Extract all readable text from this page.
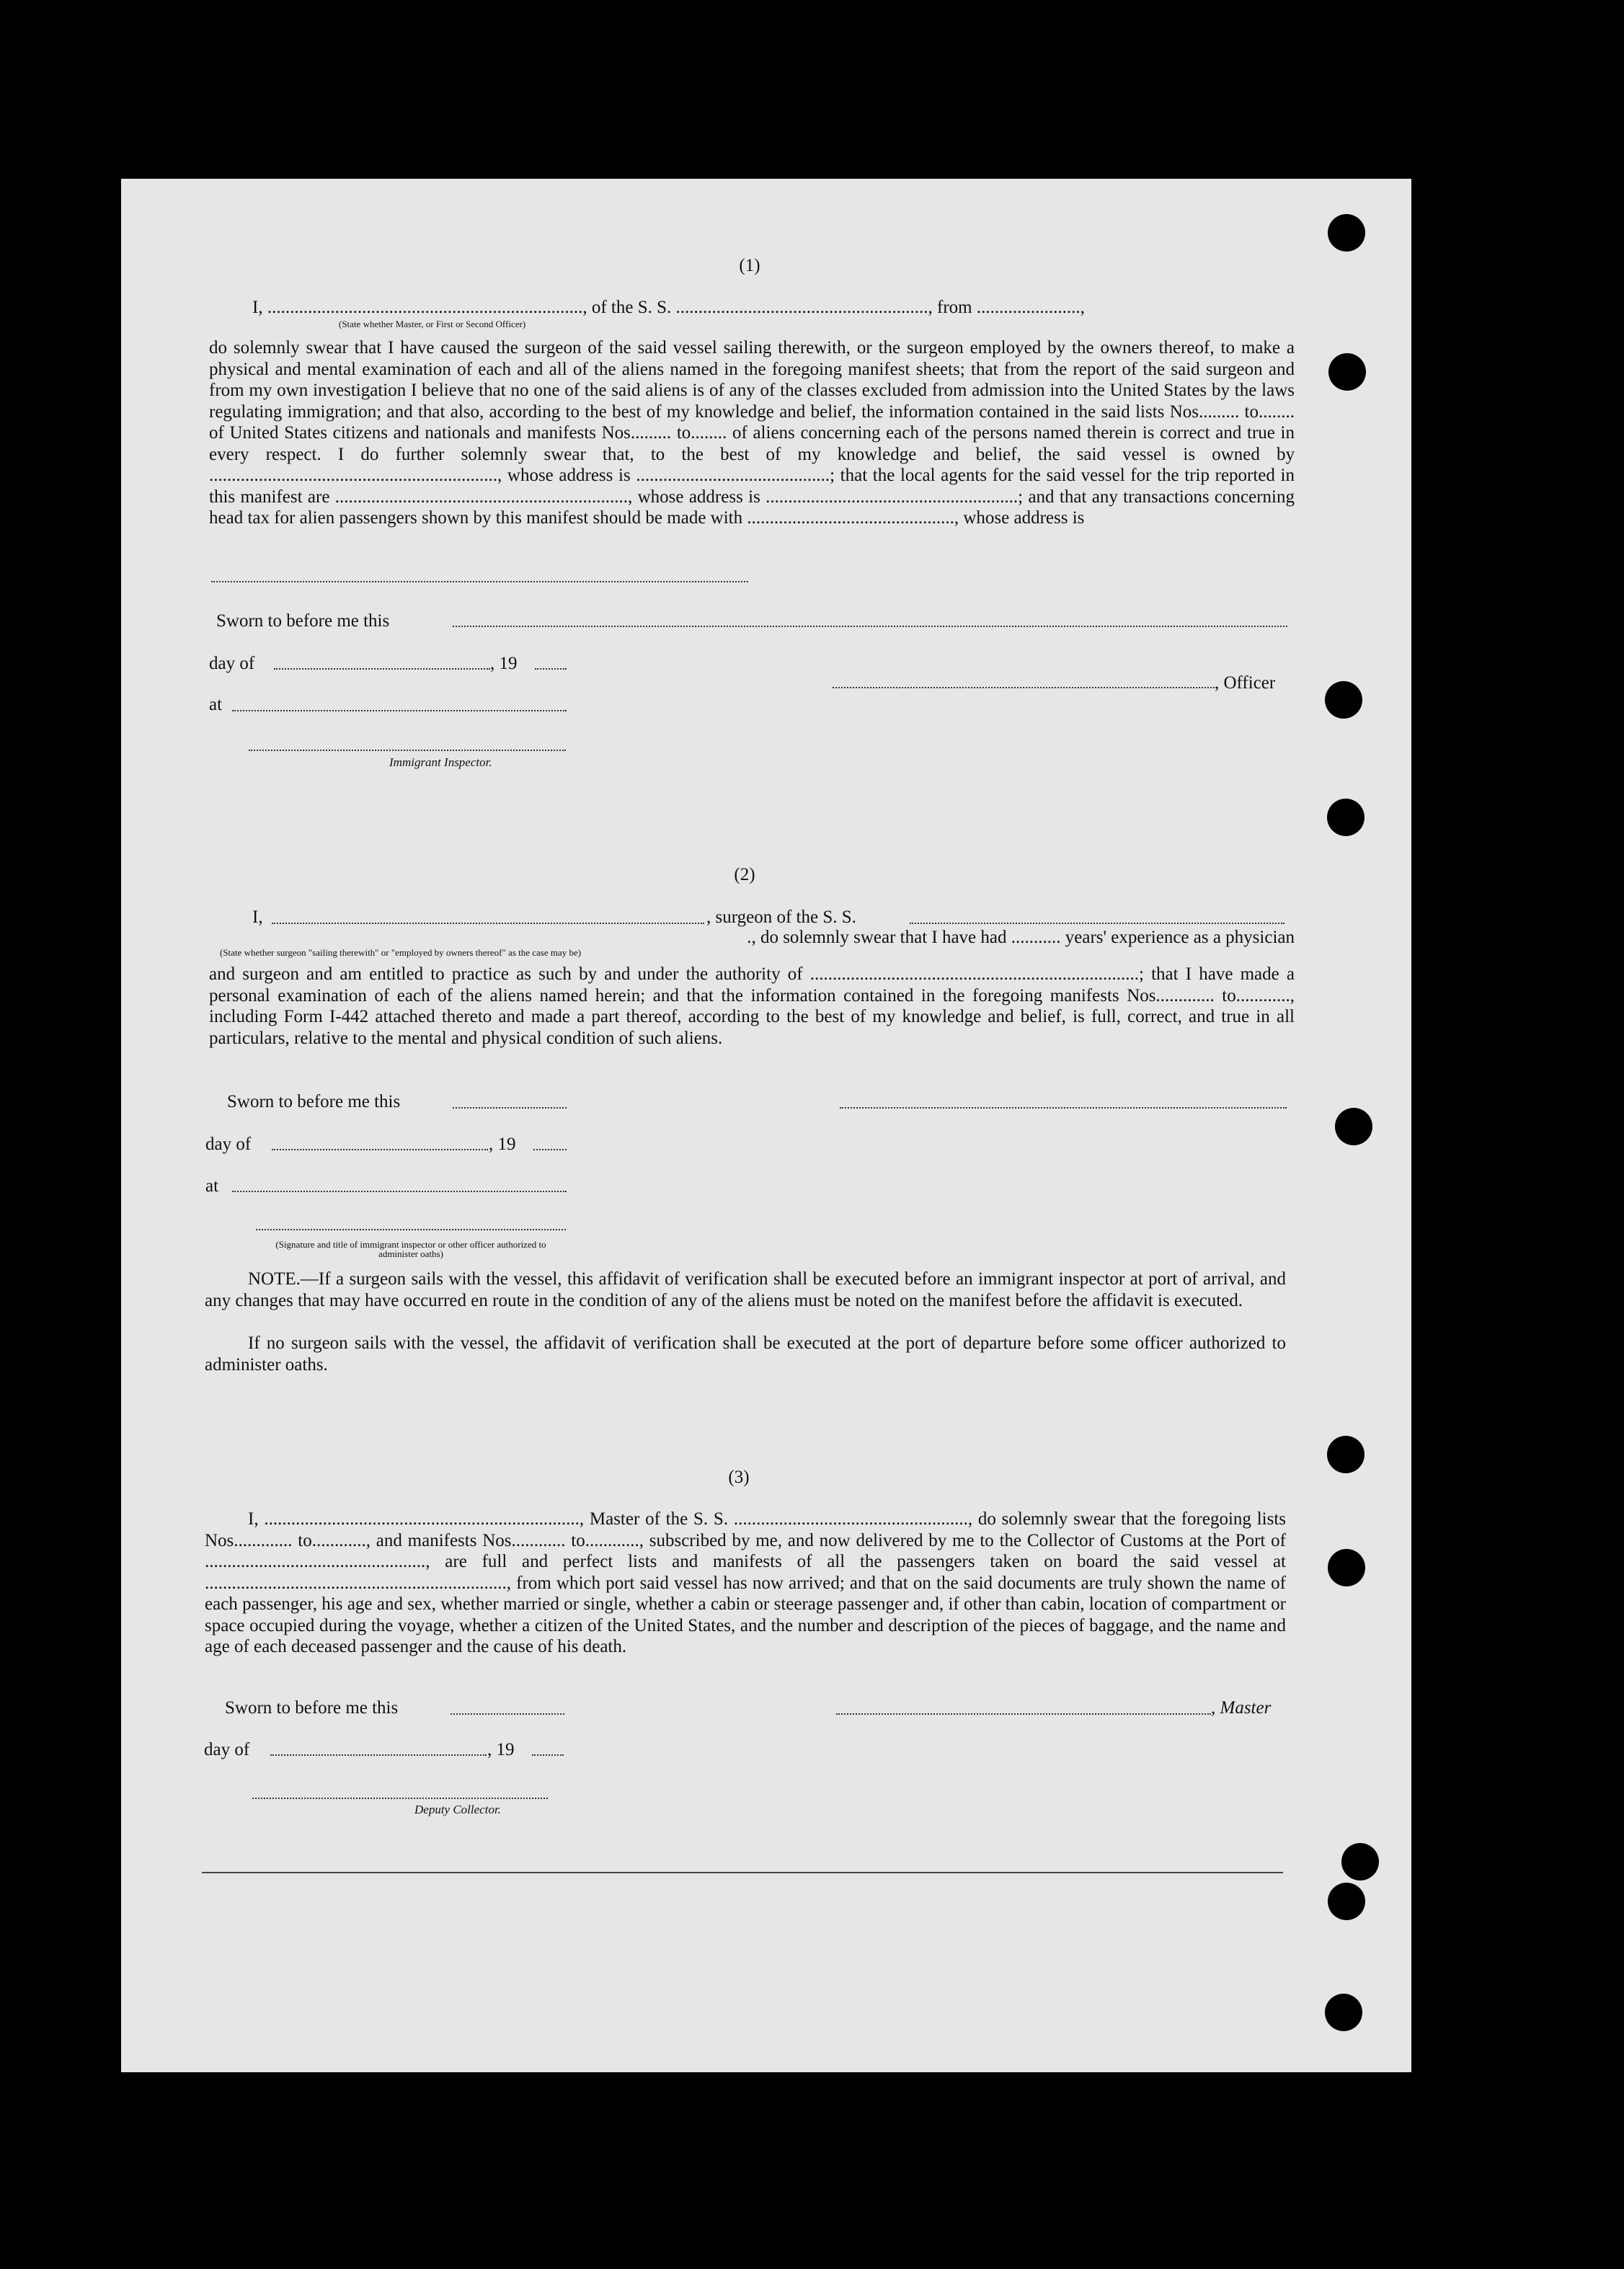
(1)
I, ......................................................................, of the S. S. ........................................................, from .......................,
(State whether Master, or First or Second Officer)
do solemnly swear that I have caused the surgeon of the said vessel sailing therewith, or the surgeon employed by the owners thereof, to make a physical and mental examination of each and all of the aliens named in the foregoing manifest sheets; that from the report of the said surgeon and from my own investigation I believe that no one of the said aliens is of any of the classes excluded from admission into the United States by the laws regulating immigration; and that also, according to the best of my knowledge and belief, the information contained in the said lists Nos......... to........ of United States citizens and nationals and manifests Nos......... to........ of aliens concerning each of the persons named therein is correct and true in every respect. I do further solemnly swear that, to the best of my knowledge and belief, the said vessel is owned by ................................................................, whose address is ...........................................; that the local agents for the said vessel for the trip reported in this manifest are ................................................................., whose address is ........................................................; and that any transactions concerning head tax for alien passengers shown by this manifest should be made with .............................................., whose address is
Sworn to before me this
day of	, 19
, Officer
at
Immigrant Inspector.
(2)
I,	, surgeon of the S. S.
., do solemnly swear that I have had ........... years' experience as a physician
(State whether surgeon "sailing therewith" or "employed by owners thereof" as the case may be)
and surgeon and am entitled to practice as such by and under the authority of .........................................................................; that I have made a personal examination of each of the aliens named herein; and that the information contained in the foregoing manifests Nos............. to............, including Form I-442 attached thereto and made a part thereof, according to the best of my knowledge and belief, is full, correct, and true in all particulars, relative to the mental and physical condition of such aliens.
Sworn to before me this
day of	, 19
at
(Signature and title of immigrant inspector or other officer authorized to administer oaths)
NOTE.—If a surgeon sails with the vessel, this affidavit of verification shall be executed before an immigrant inspector at port of arrival, and any changes that may have occurred en route in the condition of any of the aliens must be noted on the manifest before the affidavit is executed.
If no surgeon sails with the vessel, the affidavit of verification shall be executed at the port of departure before some officer authorized to administer oaths.
(3)
I, ......................................................................, Master of the S. S. ...................................................., do solemnly swear that the foregoing lists Nos............. to............, and manifests Nos............ to............, subscribed by me, and now delivered by me to the Collector of Customs at the Port of ................................................., are full and perfect lists and manifests of all the passengers taken on board the said vessel at ..................................................................., from which port said vessel has now arrived; and that on the said documents are truly shown the name of each passenger, his age and sex, whether married or single, whether a cabin or steerage passenger and, if other than cabin, location of compartment or space occupied during the voyage, whether a citizen of the United States, and the number and description of the pieces of baggage, and the name and age of each deceased passenger and the cause of his death.
Sworn to before me this	, Master
day of	, 19
Deputy Collector.
